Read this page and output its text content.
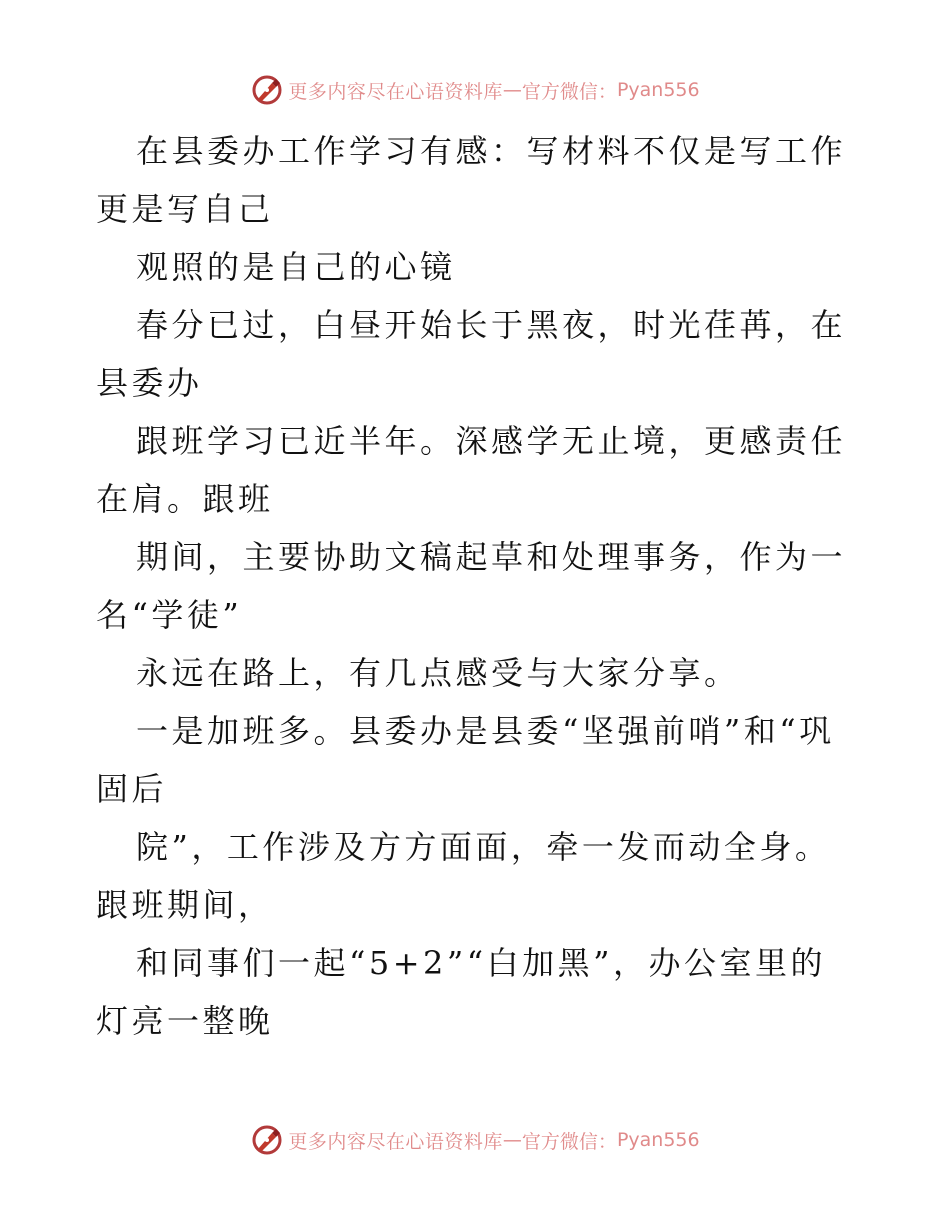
更多内容尽在心语资料库 — 官方微信： Pyan556

在县委办工作学习有感：写材料不仅是写工作更是写自己

观照的是自己的心镜

春分已过，白昼开始长于黑夜，时光荏苒，在县委办

跟班学习已近半年。深感学无止境，更感责任在肩。跟班

期间，主要协助文稿起草和处理事务，作为一名“学徒”

永远在路上，有几点感受与大家分享。

一是加班多。县委办是县委“坚强前哨”和“巩固后

院”，工作涉及方方面面，牵一发而动全身。跟班期间，

和同事们一起“5+2”“白加黑”，办公室里的灯亮一整晚

更多内容尽在心语资料库 — 官方微信： Pyan556
